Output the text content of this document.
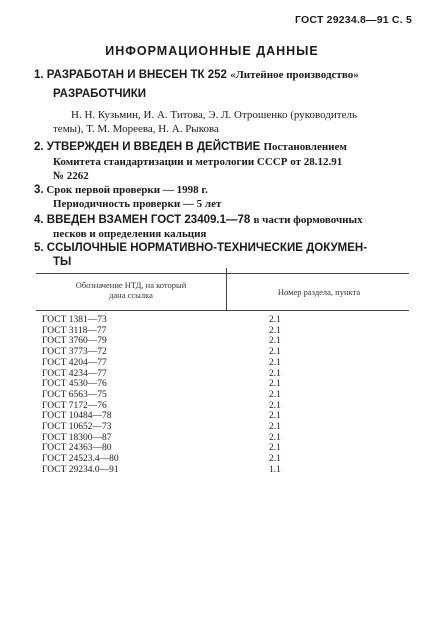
ГОСТ 29234.8—91 С. 5
ИНФОРМАЦИОННЫЕ ДАННЫЕ
1. РАЗРАБОТАН И ВНЕСЕН ТК 252 «Литейное производство»
РАЗРАБОТЧИКИ
Н. Н. Кузьмин, И. А. Титова, Э. Л. Отрошенко (руководитель
темы), Т. М. Мореева, Н. А. Рыкова
2. УТВЕРЖДЕН И ВВЕДЕН В ДЕЙСТВИЕ Постановлением
Комитета стандартизации и метрологии СССР от 28.12.91
№ 2262
3. Срок первой проверки — 1998 г.
Периодичность проверки — 5 лет
4. ВВЕДЕН ВЗАМЕН ГОСТ 23409.1—78 в части формовочных
песков и определения кальция
5. ССЫЛОЧНЫЕ НОРМАТИВНО-ТЕХНИЧЕСКИЕ ДОКУМЕН-
ТЫ
Обозначение НТД, на который
дана ссылка	Номер раздела, пункта
ГОСТ 1381—73	2.1
ГОСТ 3118—77	2.1
ГОСТ 3760—79	2.1
ГОСТ 3773—72	2.1
ГОСТ 4204—77	2.1
ГОСТ 4234—77	2.1
ГОСТ 4530—76	2.1
ГОСТ 6563—75	2.1
ГОСТ 7172—76	2.1
ГОСТ 10484—78	2.1
ГОСТ 10652—73	2.1
ГОСТ 18300—87	2.1
ГОСТ 24363—80	2.1
ГОСТ 24523.4—80	2.1
ГОСТ 29234.0—91	1.1
